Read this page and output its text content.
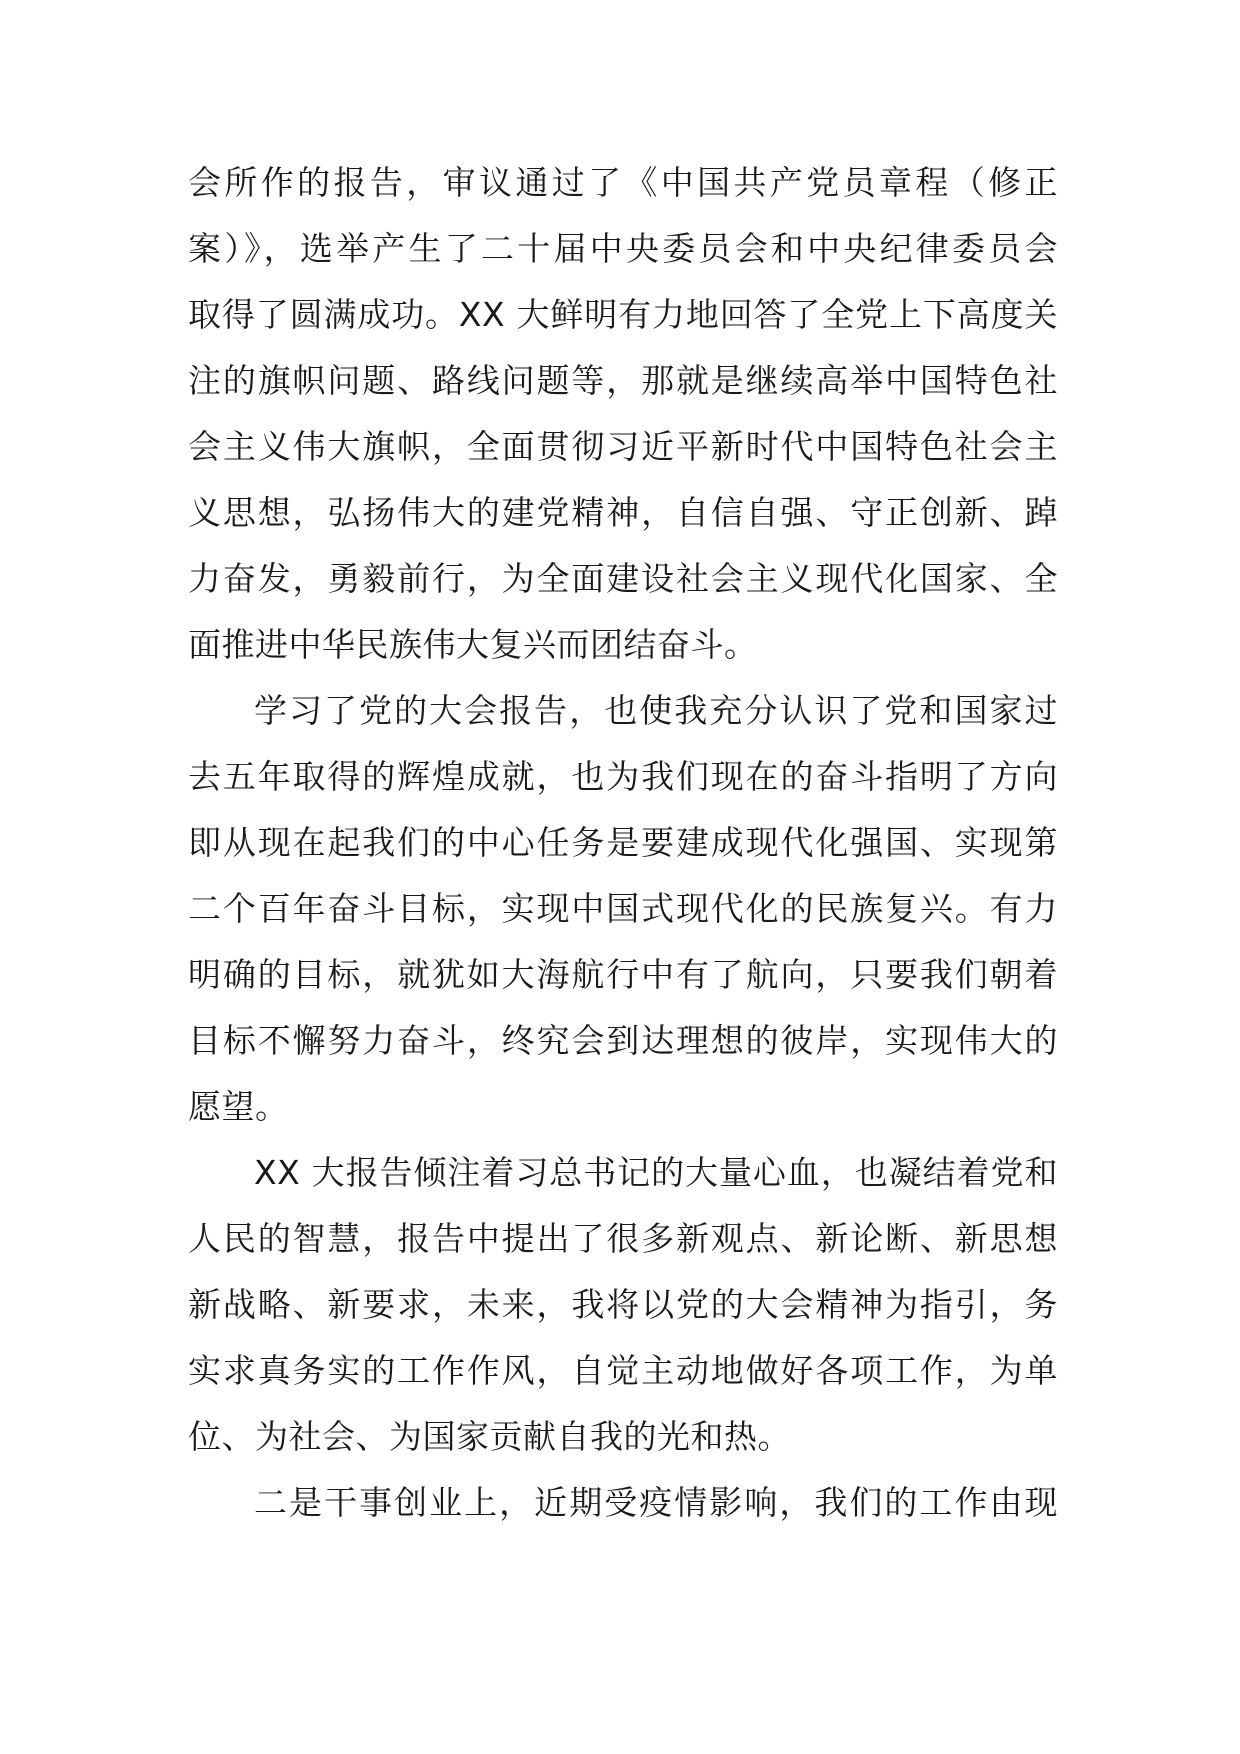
会所作的报告，审议通过了《中国共产党员章程（修正
案）》，选举产生了二十届中央委员会和中央纪律委员会
取得了圆满成功。XX 大鲜明有力地回答了全党上下高度关
注的旗帜问题、路线问题等，那就是继续高举中国特色社
会主义伟大旗帜，全面贯彻习近平新时代中国特色社会主
义思想，弘扬伟大的建党精神，自信自强、守正创新、踔
力奋发，勇毅前行，为全面建设社会主义现代化国家、全
面推进中华民族伟大复兴而团结奋斗。
学习了党的大会报告，也使我充分认识了党和国家过
去五年取得的辉煌成就，也为我们现在的奋斗指明了方向
即从现在起我们的中心任务是要建成现代化强国、实现第
二个百年奋斗目标，实现中国式现代化的民族复兴。有力
明确的目标，就犹如大海航行中有了航向，只要我们朝着
目标不懈努力奋斗，终究会到达理想的彼岸，实现伟大的
愿望。
XX 大报告倾注着习总书记的大量心血，也凝结着党和
人民的智慧，报告中提出了很多新观点、新论断、新思想
新战略、新要求，未来，我将以党的大会精神为指引，务
实求真务实的工作作风，自觉主动地做好各项工作，为单
位、为社会、为国家贡献自我的光和热。
二是干事创业上，近期受疫情影响，我们的工作由现
